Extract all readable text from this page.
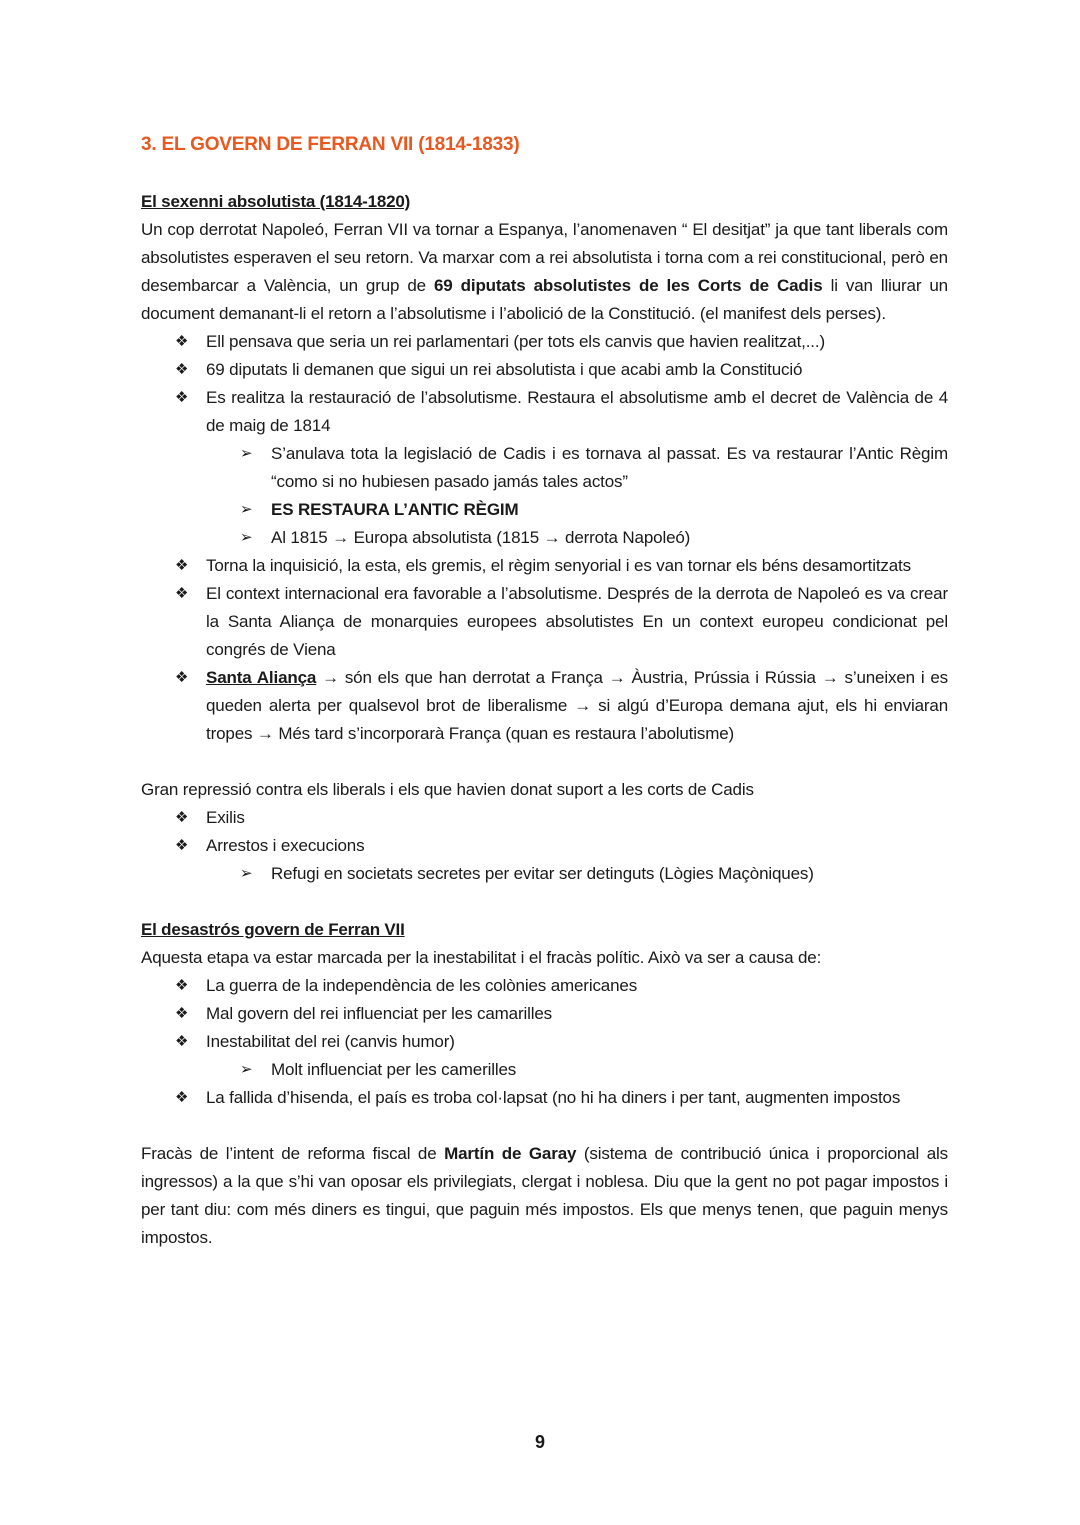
3. EL GOVERN DE FERRAN VII (1814-1833)
El sexenni absolutista (1814-1820)

Un cop derrotat Napoleó, Ferran VII va tornar a Espanya, l’anomenaven “ El desitjat” ja que tant liberals com absolutistes esperaven el seu retorn. Va marxar com a rei absolutista i torna com a rei constitucional, però en desembarcar a València, un grup de 69 diputats absolutistes de les Corts de Cadis li van lliurar un document demanant-li el retorn a l’absolutisme i l’abolició de la Constitució. (el manifest dels perses).

❖ Ell pensava que seria un rei parlamentari (per tots els canvis que havien realitzat,...)
❖ 69 diputats li demanen que sigui un rei absolutista i que acabi amb la Constitució
❖ Es realitza la restauració de l’absolutisme. Restaura el absolutisme amb el decret de València de 4 de maig de 1814
➢ S’anulava tota la legislació de Cadis i es tornava al passat. Es va restaurar l’Antic Règim “como si no hubiesen pasado jamás tales actos”
➢ ES RESTAURA L’ANTIC RÈGIM
➢ Al 1815 → Europa absolutista (1815 → derrota Napoleó)
❖ Torna la inquisició, la esta, els gremis, el règim senyorial i es van tornar els béns desamortitzats
❖ El context internacional era favorable a l’absolutisme. Després de la derrota de Napoleó es va crear la Santa Aliança de monarquies europees absolutistes En un context europeu condicionat pel congrés de Viena
❖ Santa Aliança → són els que han derrotat a França → Àustria, Prússia i Rússia → s’uneixen i es queden alerta per qualsevol brot de liberalisme → si algú d’Europa demana ajut, els hi enviaran tropes → Més tard s’incorporarà França (quan es restaura l’abolutisme)

Gran repressió contra els liberals i els que havien donat suport a les corts de Cadis

❖ Exilis
❖ Arrestos i execucions
➢ Refugi en societats secretes per evitar ser detinguts (Lògies Maçòniques)
El desastrós govern de Ferran VII

Aquesta etapa va estar marcada per la inestabilitat i el fracàs polític. Això va ser a causa de:

❖ La guerra de la independència de les colònies americanes
❖ Mal govern del rei influenciat per les camarilles
❖ Inestabilitat del rei (canvis humor)
➢ Molt influenciat per les camerilles
❖ La fallida d’hisenda, el país es troba col·lapsat (no hi ha diners i per tant, augmenten impostos

Fracàs de l’intent de reforma fiscal de Martín de Garay (sistema de contribució única i proporcional als ingressos) a la que s’hi van oposar els privilegiats, clergat i noblesa. Diu que la gent no pot pagar impostos i per tant diu: com més diners es tingui, que paguin més impostos. Els que menys tenen, que paguin menys impostos.

9
